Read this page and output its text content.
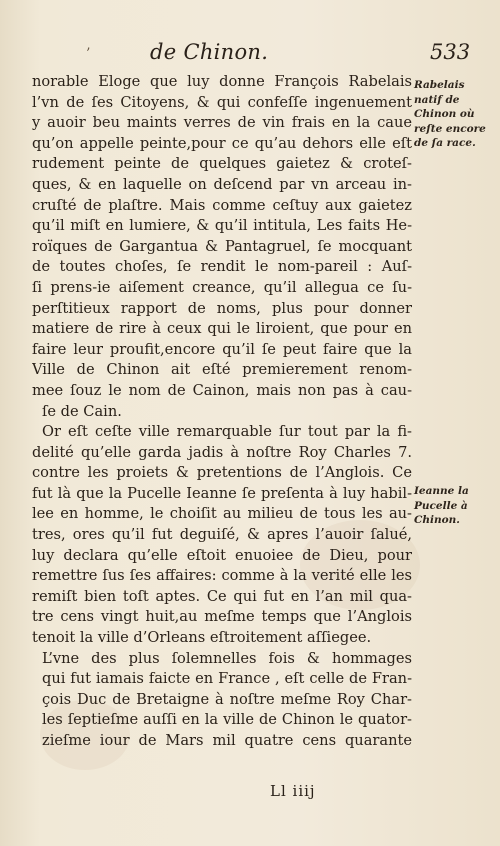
’	de Chinon.	533
norable Eloge que luy donne François Rabelais
l’vn de ſes Citoyens, & qui confeſſe ingenuement
y auoir beu maints verres de vin frais en la caue
qu’on appelle peinte,pour ce qu’au dehors elle eſt
rudement peinte de quelques gaietez & croteſ-
ques, & en laquelle on deſcend par vn arceau in-
cruſté de plaſtre. Mais comme ceſtuy aux gaietez
qu’il miſt en lumiere, & qu’il intitula, Les faits He-
roïques de Gargantua & Pantagruel, ſe mocquant
de toutes choſes, ſe rendit le nom-pareil : Auſ-
ſi prens-ie aiſement creance, qu’il allegua ce ſu-
perſtitieux rapport de noms, plus pour donner
matiere de rire à ceux qui le liroient, que pour en
faire leur proufit,encore qu’il ſe peut faire que la
Ville de Chinon ait eſté premierement renom-
mee ſouz le nom de Cainon, mais non pas à cau-
ſe de Cain.
Or eſt ceſte ville remarquable ſur tout par la fi-
delité qu’elle garda jadis à noſtre Roy Charles 7.
contre les proiets & pretentions de l’Anglois. Ce
fut là que la Pucelle Ieanne ſe preſenta à luy habil-
lee en homme, le choiſit au milieu de tous les au-
tres, ores qu’il fut deguiſé, & apres l’auoir ſalué,
luy declara qu’elle eſtoit enuoiee de Dieu, pour
remettre ſus ſes affaires: comme à la verité elle les
remiſt bien toſt aptes. Ce qui fut en l’an mil qua-
tre cens vingt huit,au meſme temps que l’Anglois
tenoit la ville d’Orleans eſtroitement aſſiegee.
L’vne des plus ſolemnelles fois & hommages
qui fut iamais faicte en France , eſt celle de Fran-
çois Duc de Bretaigne à noſtre meſme Roy Char-
les ſeptieſme auſſi en la ville de Chinon le quator-
zieſme iour de Mars mil quatre cens quarante
Rabelais
natif de
Chinon où
reſte encore
de ſa race.
Ieanne la
Pucelle à
Chinon.
Ll iiij
